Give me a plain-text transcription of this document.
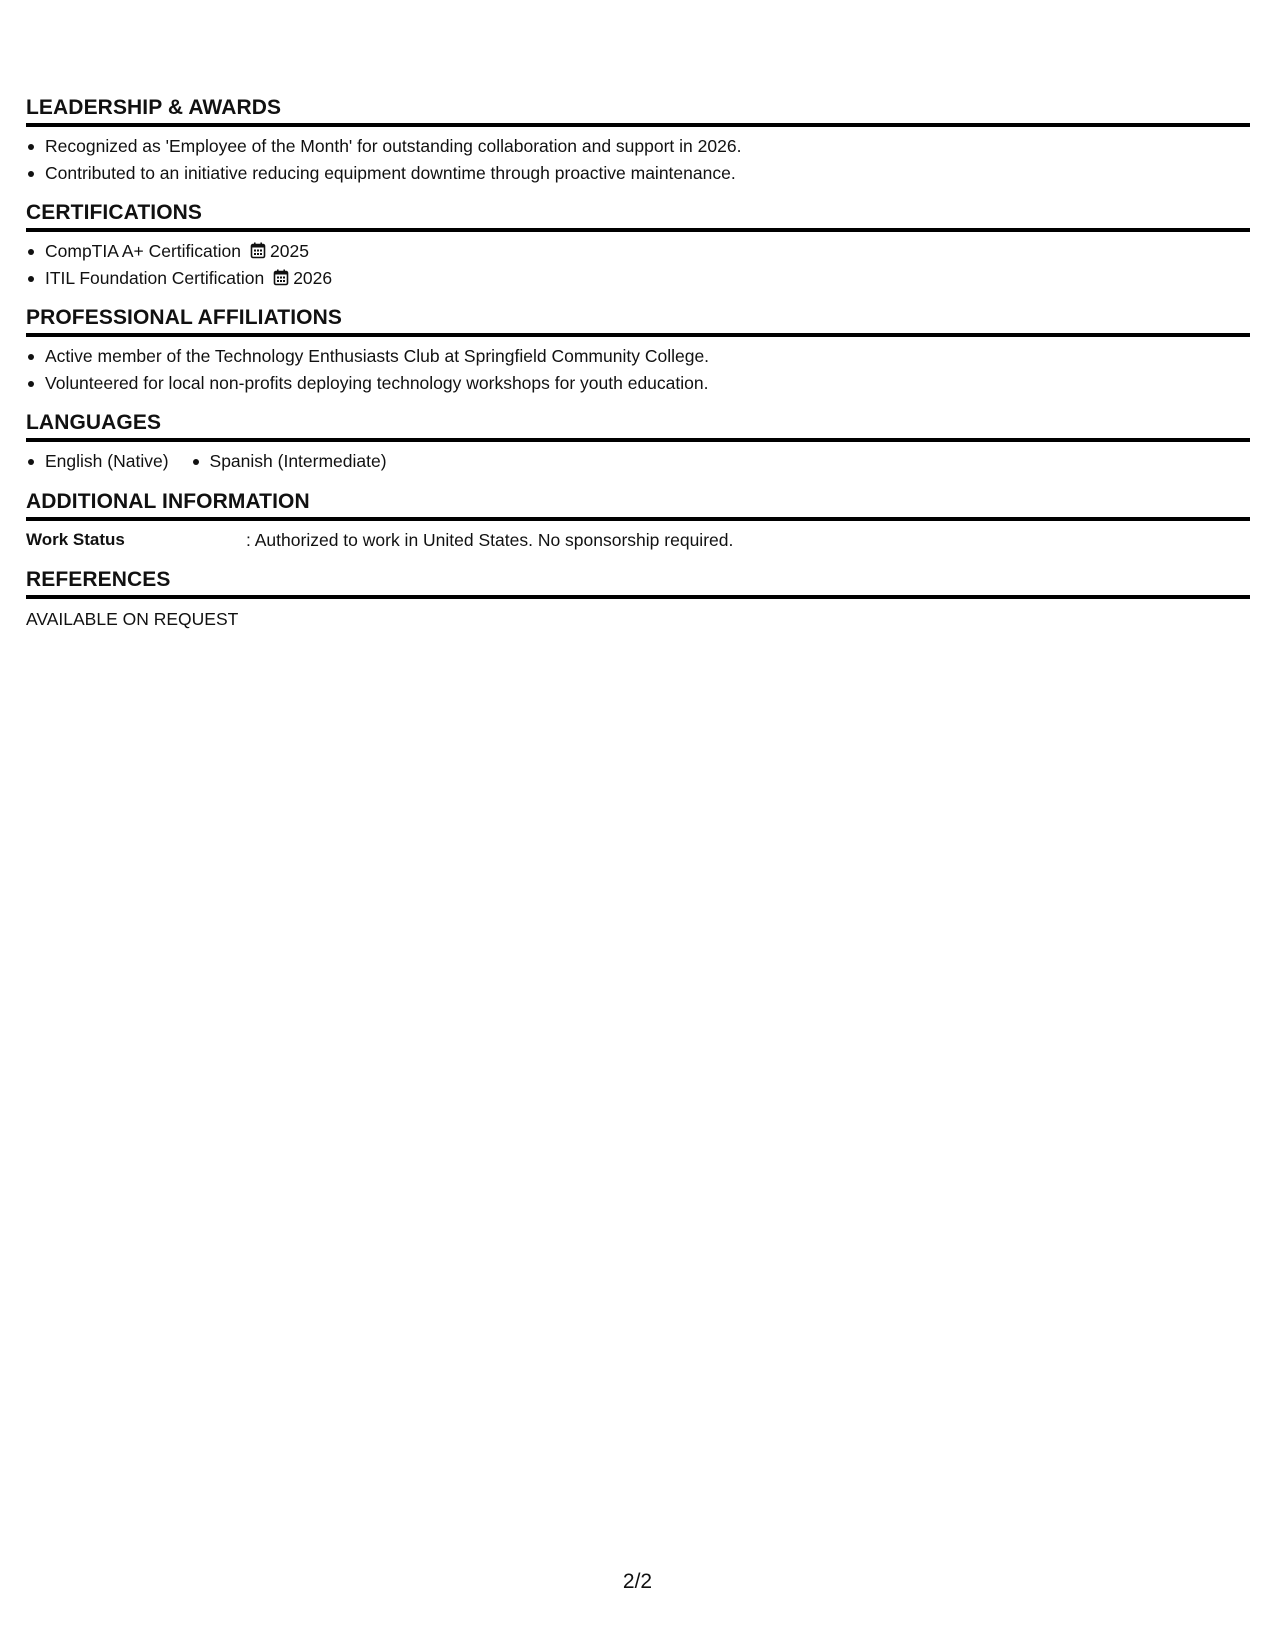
LEADERSHIP & AWARDS
Recognized as 'Employee of the Month' for outstanding collaboration and support in 2026.
Contributed to an initiative reducing equipment downtime through proactive maintenance.
CERTIFICATIONS
CompTIA A+ Certification 2025
ITIL Foundation Certification 2026
PROFESSIONAL AFFILIATIONS
Active member of the Technology Enthusiasts Club at Springfield Community College.
Volunteered for local non-profits deploying technology workshops for youth education.
LANGUAGES
English (Native)	Spanish (Intermediate)
ADDITIONAL INFORMATION
Work Status	: Authorized to work in United States. No sponsorship required.
REFERENCES
AVAILABLE ON REQUEST
2/2
